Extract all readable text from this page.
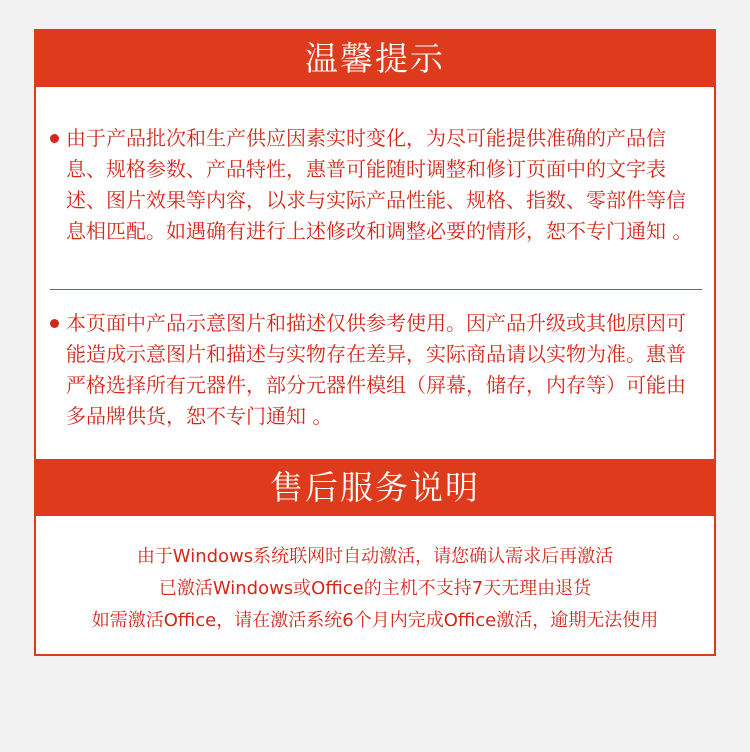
温馨提示
由于产品批次和生产供应因素实时变化，为尽可能提供准确的产品信息、规格参数、产品特性，惠普可能随时调整和修订页面中的文字表述、图片效果等内容，以求与实际产品性能、规格、指数、零部件等信息相匹配。如遇确有进行上述修改和调整必要的情形，恕不专门通知 。
本页面中产品示意图片和描述仅供参考使用。因产品升级或其他原因可能造成示意图片和描述与实物存在差异，实际商品请以实物为准。惠普严格选择所有元器件，部分元器件模组（屏幕，储存，内存等）可能由多品牌供货，恕不专门通知 。
售后服务说明
由于Windows系统联网时自动激活，请您确认需求后再激活
已激活Windows或Office的主机不支持7天无理由退货
如需激活Office，请在激活系统6个月内完成Office激活，逾期无法使用
